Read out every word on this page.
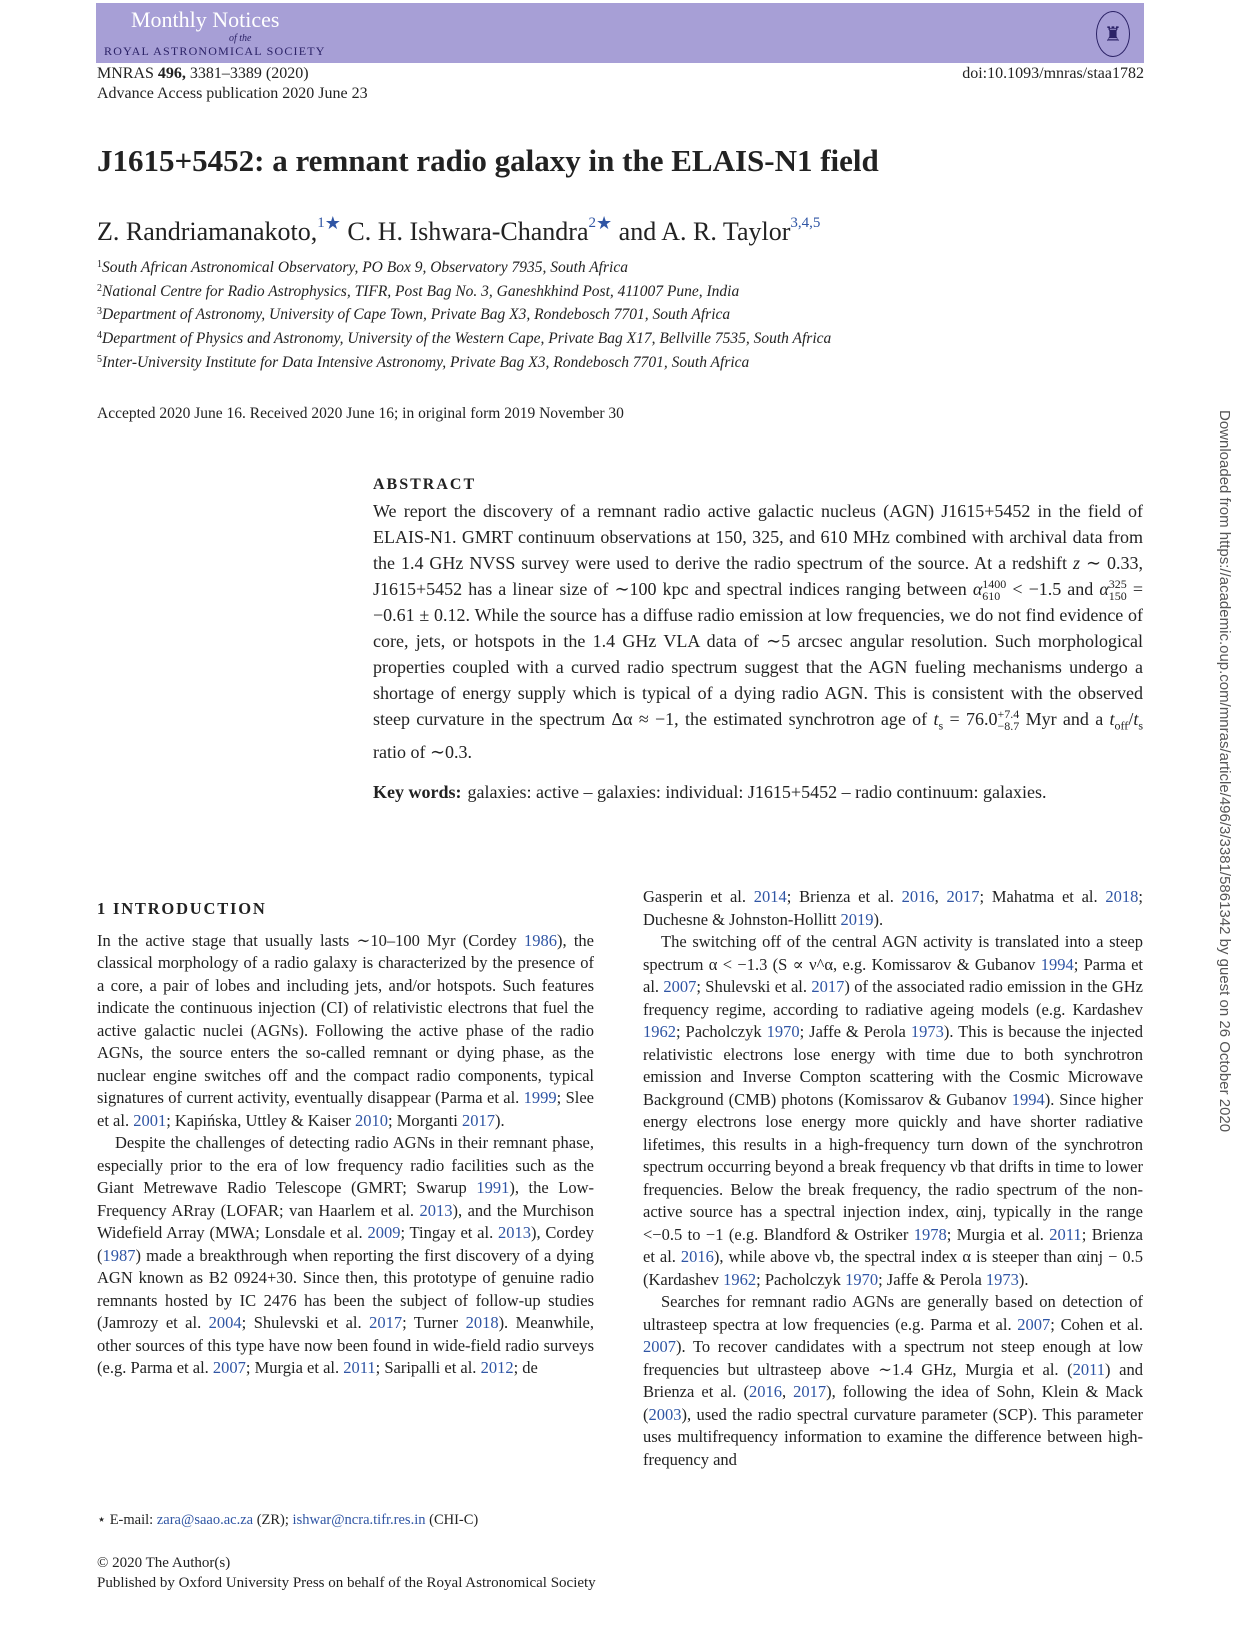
Monthly Notices
of the
ROYAL ASTRONOMICAL SOCIETY
♜
MNRAS 496, 3381–3389 (2020)
Advance Access publication 2020 June 23
doi:10.1093/mnras/staa1782
J1615+5452: a remnant radio galaxy in the ELAIS-N1 field
Z. Randriamanakoto,$^{1★}$ C. H. Ishwara-Chandra$^{2★}$ and A. R. Taylor$^{3,4,5}$
$^1$South African Astronomical Observatory, PO Box 9, Observatory 7935, South Africa
$^2$National Centre for Radio Astrophysics, TIFR, Post Bag No. 3, Ganeshkhind Post, 411007 Pune, India
$^3$Department of Astronomy, University of Cape Town, Private Bag X3, Rondebosch 7701, South Africa
$^4$Department of Physics and Astronomy, University of the Western Cape, Private Bag X17, Bellville 7535, South Africa
$^5$Inter-University Institute for Data Intensive Astronomy, Private Bag X3, Rondebosch 7701, South Africa
Accepted 2020 June 16. Received 2020 June 16; in original form 2019 November 30
ABSTRACT
We report the discovery of a remnant radio active galactic nucleus (AGN) J1615+5452 in the field of ELAIS-N1. GMRT continuum observations at 150, 325, and 610 MHz combined with archival data from the 1.4 GHz NVSS survey were used to derive the radio spectrum of the source. At a redshift z ∼ 0.33, J1615+5452 has a linear size of ∼100 kpc and spectral indices ranging between α 1400
610 < −1.5 and α 325
150 = −0.61 ± 0.12. While the source has a diffuse radio emission at low frequencies, we do not find evidence of core, jets, or hotspots in the 1.4 GHz VLA data of ∼5 arcsec angular resolution. Such morphological properties coupled with a curved radio spectrum suggest that the AGN fueling mechanisms undergo a shortage of energy supply which is typical of a dying radio AGN. This is consistent with the observed steep curvature in the spectrum Δα ≈ −1, the estimated synchrotron age of $t_s = 76.0 +7.4$
−8.7 Myr and a $t_{off}/t_s$ ratio of ∼0.3.
Key words: galaxies: active – galaxies: individual: J1615+5452 – radio continuum: galaxies.
1 INTRODUCTION

In the active stage that usually lasts ∼10–100 Myr (Cordey 1986), the classical morphology of a radio galaxy is characterized by the presence of a core, a pair of lobes and including jets, and/or hotspots. Such features indicate the continuous injection (CI) of relativistic electrons that fuel the active galactic nuclei (AGNs). Following the active phase of the radio AGNs, the source enters the so-called remnant or dying phase, as the nuclear engine switches off and the compact radio components, typical signatures of current activity, eventually disappear (Parma et al. 1999; Slee et al. 2001; Kapińska, Uttley & Kaiser 2010; Morganti 2017).

Despite the challenges of detecting radio AGNs in their remnant phase, especially prior to the era of low frequency radio facilities such as the Giant Metrewave Radio Telescope (GMRT; Swarup 1991), the Low-Frequency ARray (LOFAR; van Haarlem et al. 2013), and the Murchison Widefield Array (MWA; Lonsdale et al. 2009; Tingay et al. 2013), Cordey (1987) made a breakthrough when reporting the first discovery of a dying AGN known as B2 0924+30. Since then, this prototype of genuine radio remnants hosted by IC 2476 has been the subject of follow-up studies (Jamrozy et al. 2004; Shulevski et al. 2017; Turner 2018). Meanwhile, other sources of this type have now been found in wide-field radio surveys (e.g. Parma et al. 2007; Murgia et al. 2011; Saripalli et al. 2012; de

Gasperin et al. 2014; Brienza et al. 2016, 2017; Mahatma et al. 2018; Duchesne & Johnston-Hollitt 2019).

The switching off of the central AGN activity is translated into a steep spectrum α < −1.3 (S ∝ ν^α, e.g. Komissarov & Gubanov 1994; Parma et al. 2007; Shulevski et al. 2017) of the associated radio emission in the GHz frequency regime, according to radiative ageing models (e.g. Kardashev 1962; Pacholczyk 1970; Jaffe & Perola 1973). This is because the injected relativistic electrons lose energy with time due to both synchrotron emission and Inverse Compton scattering with the Cosmic Microwave Background (CMB) photons (Komissarov & Gubanov 1994). Since higher energy electrons lose energy more quickly and have shorter radiative lifetimes, this results in a high-frequency turn down of the synchrotron spectrum occurring beyond a break frequency νb that drifts in time to lower frequencies. Below the break frequency, the radio spectrum of the non-active source has a spectral injection index, αinj, typically in the range <−0.5 to −1 (e.g. Blandford & Ostriker 1978; Murgia et al. 2011; Brienza et al. 2016), while above νb, the spectral index α is steeper than αinj − 0.5 (Kardashev 1962; Pacholczyk 1970; Jaffe & Perola 1973).

Searches for remnant radio AGNs are generally based on detection of ultrasteep spectra at low frequencies (e.g. Parma et al. 2007; Cohen et al. 2007). To recover candidates with a spectrum not steep enough at low frequencies but ultrasteep above ∼1.4 GHz, Murgia et al. (2011) and Brienza et al. (2016, 2017), following the idea of Sohn, Klein & Mack (2003), used the radio spectral curvature parameter (SCP). This parameter uses multifrequency information to examine the difference between high-frequency and

⋆ E-mail: zara@saao.ac.za (ZR); ishwar@ncra.tifr.res.in (CHI-C)
© 2020 The Author(s)
Published by Oxford University Press on behalf of the Royal Astronomical Society
Downloaded from https://academic.oup.com/mnras/article/496/3/3381/5861342 by guest on 26 October 2020
